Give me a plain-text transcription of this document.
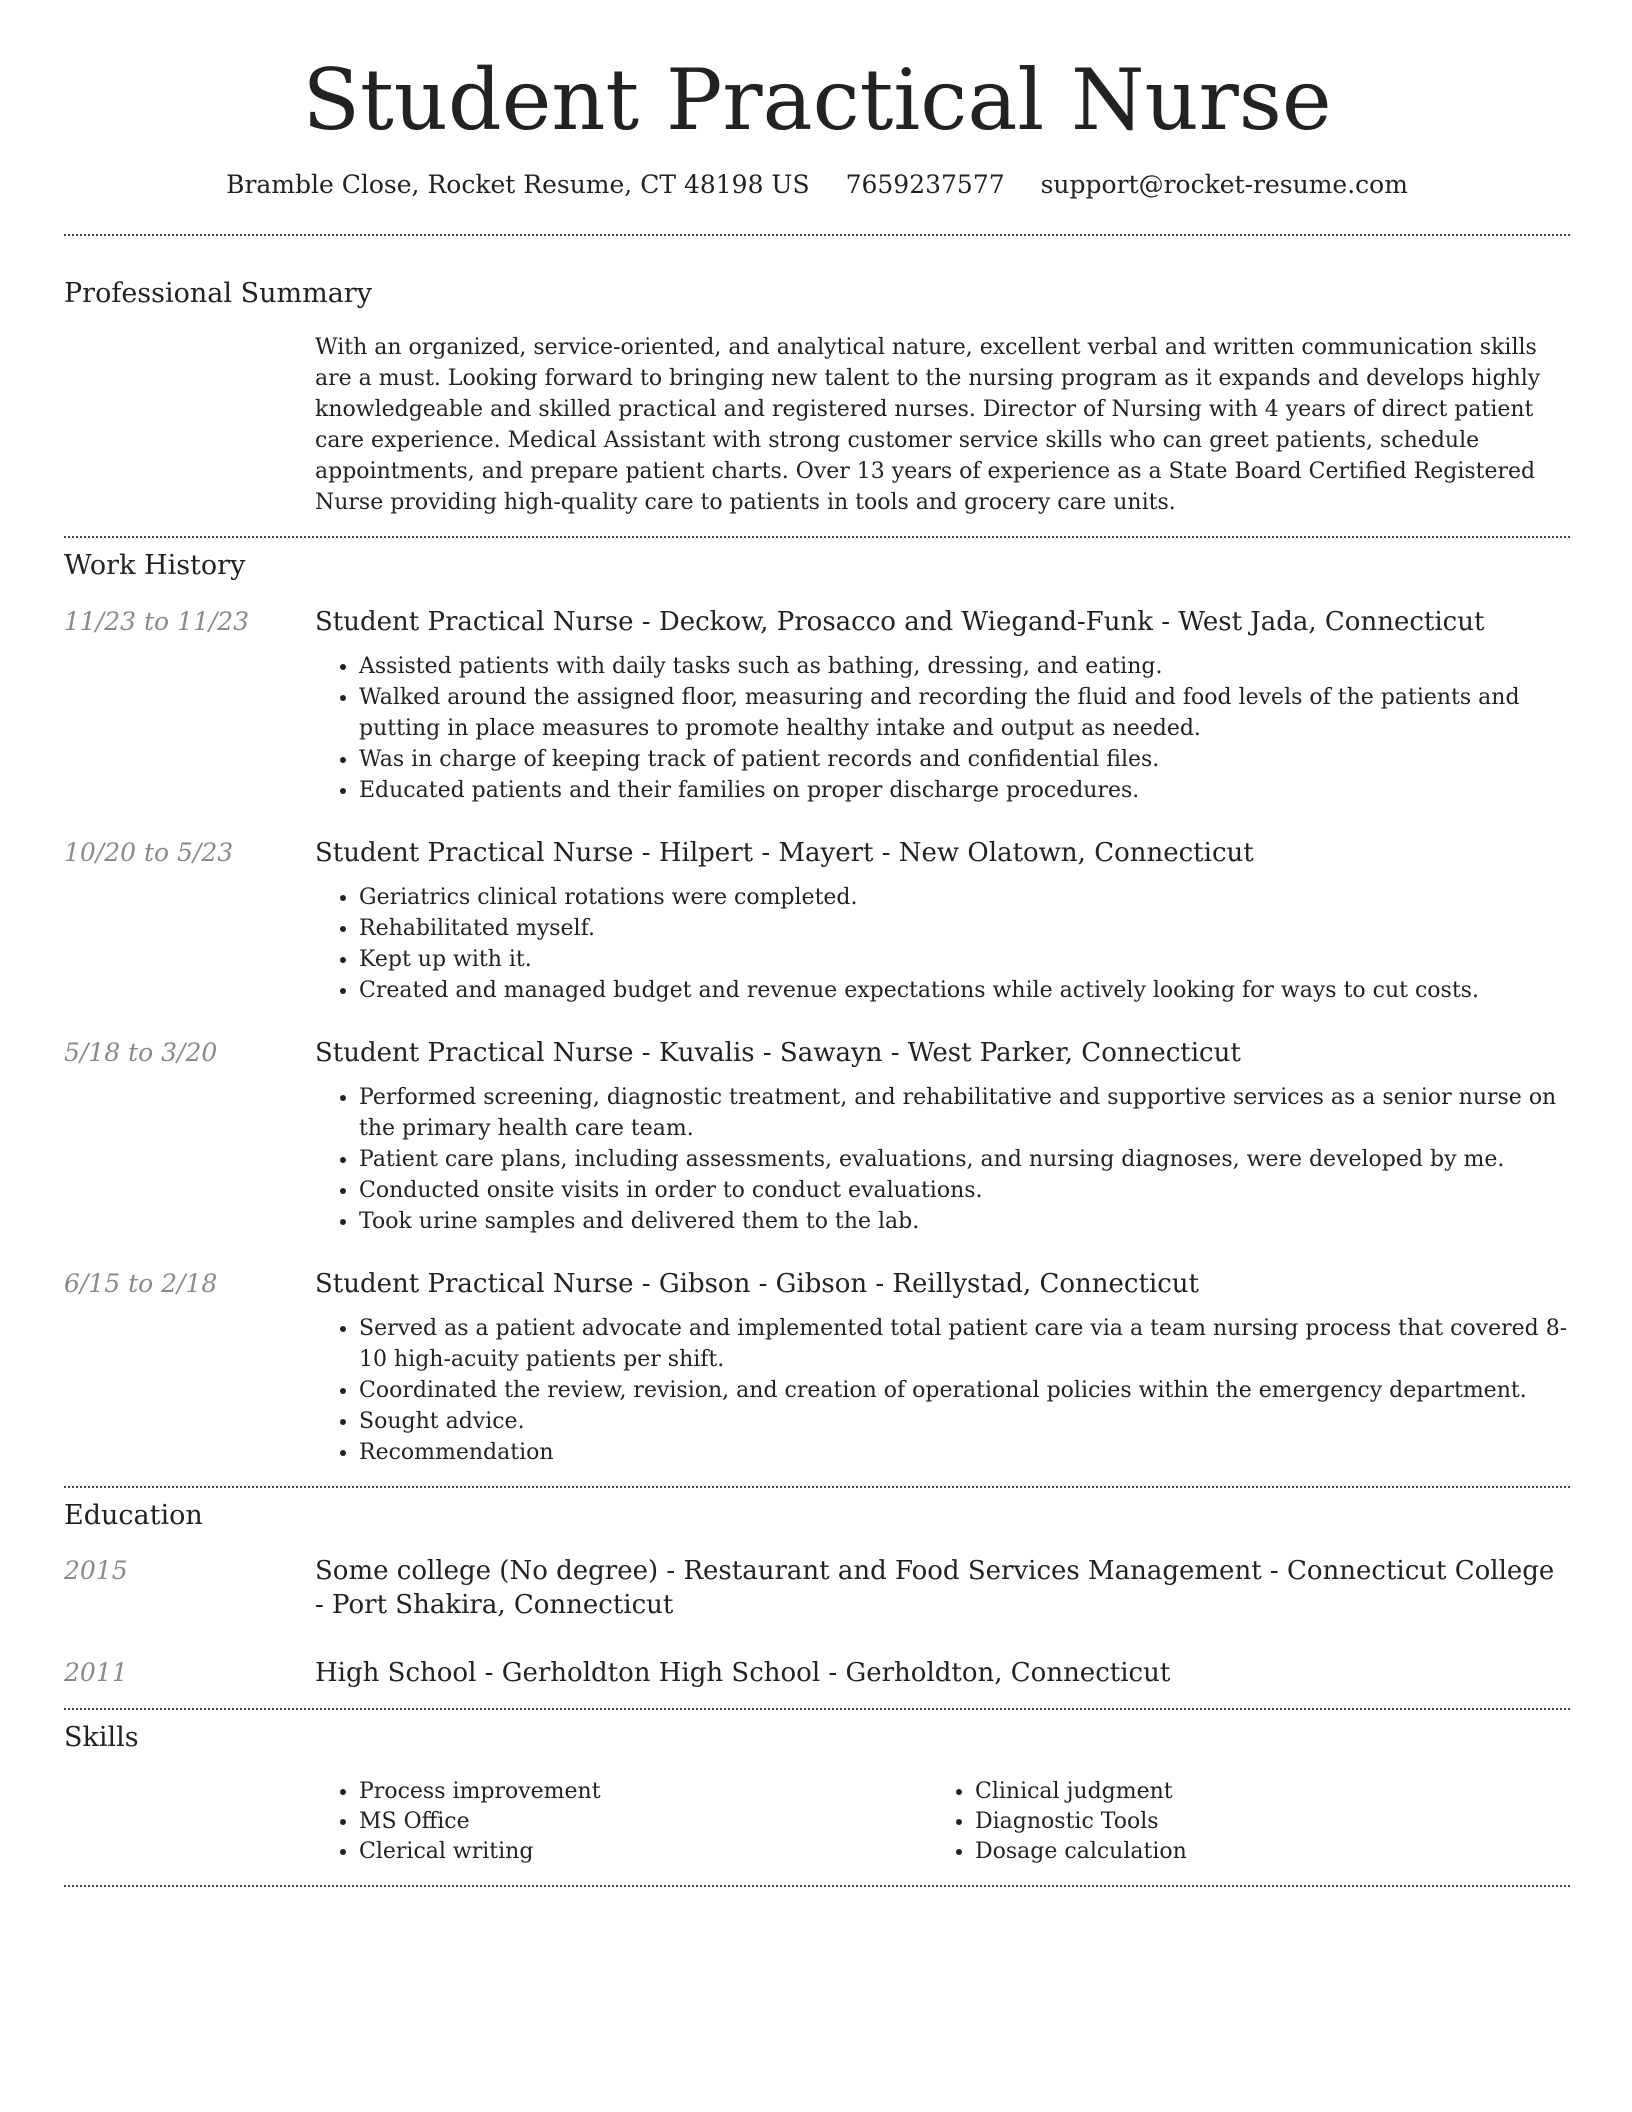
Student Practical Nurse
Bramble Close, Rocket Resume, CT 48198 US 7659237577 support@rocket-resume.com
Professional Summary
With an organized, service-oriented, and analytical nature, excellent verbal and written communication skills are a must. Looking forward to bringing new talent to the nursing program as it expands and develops highly knowledgeable and skilled practical and registered nurses. Director of Nursing with 4 years of direct patient care experience. Medical Assistant with strong customer service skills who can greet patients, schedule appointments, and prepare patient charts. Over 13 years of experience as a State Board Certified Registered Nurse providing high-quality care to patients in tools and grocery care units.
Work History
11/23 to 11/23	Student Practical Nurse - Deckow, Prosacco and Wiegand-Funk - West Jada, Connecticut
• Assisted patients with daily tasks such as bathing, dressing, and eating.
• Walked around the assigned floor, measuring and recording the fluid and food levels of the patients and putting in place measures to promote healthy intake and output as needed.
• Was in charge of keeping track of patient records and confidential files.
• Educated patients and their families on proper discharge procedures.
10/20 to 5/23	Student Practical Nurse - Hilpert - Mayert - New Olatown, Connecticut
• Geriatrics clinical rotations were completed.
• Rehabilitated myself.
• Kept up with it.
• Created and managed budget and revenue expectations while actively looking for ways to cut costs.
5/18 to 3/20	Student Practical Nurse - Kuvalis - Sawayn - West Parker, Connecticut
• Performed screening, diagnostic treatment, and rehabilitative and supportive services as a senior nurse on the primary health care team.
• Patient care plans, including assessments, evaluations, and nursing diagnoses, were developed by me.
• Conducted onsite visits in order to conduct evaluations.
• Took urine samples and delivered them to the lab.
6/15 to 2/18	Student Practical Nurse - Gibson - Gibson - Reillystad, Connecticut
• Served as a patient advocate and implemented total patient care via a team nursing process that covered 8-10 high-acuity patients per shift.
• Coordinated the review, revision, and creation of operational policies within the emergency department.
• Sought advice.
• Recommendation
Education
2015	Some college (No degree) - Restaurant and Food Services Management - Connecticut College - Port Shakira, Connecticut
2011	High School - Gerholdton High School - Gerholdton, Connecticut
Skills
• Process improvement
• MS Office
• Clerical writing
• Clinical judgment
• Diagnostic Tools
• Dosage calculation
